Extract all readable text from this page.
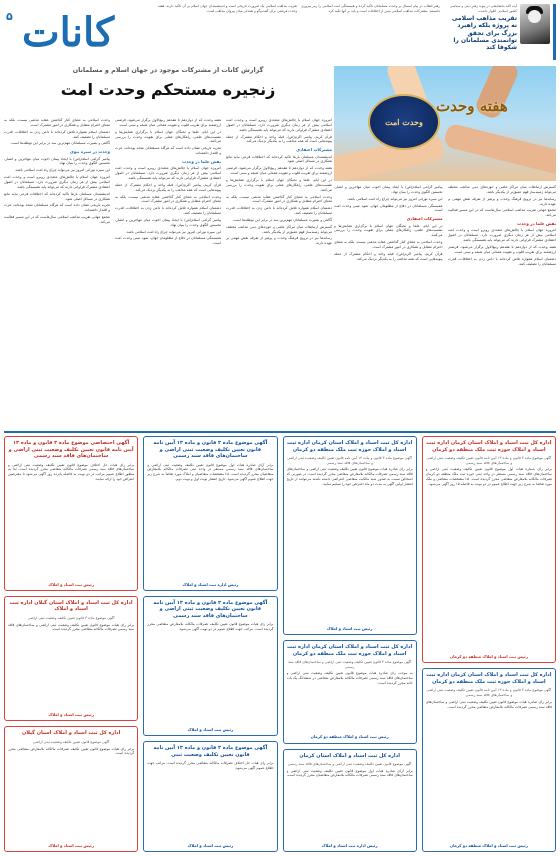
آیت الله بخشایشی در پیوند رهبرِ دینی و سیاسی کشور اسلامی اظهار داشت.
تقریب مذاهب اسلامی نه پروژه بلکه راهبرد بزرگ برای تحقق توانمندی مسلمانان را شکوفا کند
رهبر انقلاب در پیام امسال بر وحدت مسلمانان تاکید کرده و همبستگی امت اسلامی را رمز پیروزی دانستند. مشترکات مذاهب اسلامی بیش از اختلافات است و باید بر آنها تکیه کرد.
تقریب مذاهب اسلامی یک ضرورت تاریخی است و اندیشمندان جهان اسلام بر آن تاکید دارند. هفته وحدت فرصتی برای گفت‌وگو و همدلی میان پیروان مذاهب است.
کانات
۵
وحدت امت
هفته وحدت
گزارش کانات از مشترکات موجود در جهان اسلام و مسلمانان
زنجیره مستحکم وحدت امت

امروزه جهان اسلام با چالش‌های متعددی روبرو است و وحدت امت اسلامی بیش از هر زمان دیگری ضرورت دارد. مسلمانان در اصول اعتقادی مشترک فراوانی دارند که می‌تواند پایه همبستگی باشد.

قرآن کریم، پیامبر اکرم(ص)، قبله واحد و احکام مشترک از جمله پیوندهایی است که همه مذاهب را به یکدیگر نزدیک می‌کند.

مشترکات اعتقادی

اندیشمندان مسلمان بارها تاکید کرده‌اند که اختلافات فرعی نباید مانع همکاری در مسائل اصلی شود.

هفته وحدت که از دوازدهم تا هفدهم ربیع‌الاول برگزار می‌شود، فرصتی ارزشمند برای تقریب قلوب و تقویت همدلی میان شیعه و سنی است.

در این ایام، علما و نخبگان جهان اسلام با برگزاری همایش‌ها و نشست‌های علمی، راهکارهای عملی برای تقویت وحدت را بررسی می‌کنند.

وحدت اسلامی به معنای کنار گذاشتن عقاید مذهبی نیست، بلکه به معنای احترام متقابل و همکاری در امور مشترک است.

دشمنان اسلام همواره تلاش کرده‌اند با دامن زدن به اختلافات، قدرت مسلمانان را تضعیف کنند.

آگاهی و بصیرت مسلمانان مهم‌ترین سد در برابر این توطئه‌ها است.

گسترش ارتباطات میان مراکز علمی و حوزه‌های دینی مذاهب مختلف می‌تواند زمینه‌ساز فهم عمیق‌تر از یکدیگر باشد.

رسانه‌ها نیز در ترویج فرهنگ وحدت و پرهیز از تفرقه نقش مهمی بر عهده دارند.

هفته وحدت که از دوازدهم تا هفدهم ربیع‌الاول برگزار می‌شود، فرصتی ارزشمند برای تقریب قلوب و تقویت همدلی میان شیعه و سنی است.

در این ایام، علما و نخبگان جهان اسلام با برگزاری همایش‌ها و نشست‌های علمی، راهکارهای عملی برای تقویت وحدت را بررسی می‌کنند.

تجربه تاریخی نشان داده است که هرگاه مسلمانان متحد بوده‌اند، عزت و اقتدار داشته‌اند.

نقش علما در وحدت

امروزه جهان اسلام با چالش‌های متعددی روبرو است و وحدت امت اسلامی بیش از هر زمان دیگری ضرورت دارد. مسلمانان در اصول اعتقادی مشترک فراوانی دارند که می‌تواند پایه همبستگی باشد.

قرآن کریم، پیامبر اکرم(ص)، قبله واحد و احکام مشترک از جمله پیوندهایی است که همه مذاهب را به یکدیگر نزدیک می‌کند.

وحدت اسلامی به معنای کنار گذاشتن عقاید مذهبی نیست، بلکه به معنای احترام متقابل و همکاری در امور مشترک است.

دشمنان اسلام همواره تلاش کرده‌اند با دامن زدن به اختلافات، قدرت مسلمانان را تضعیف کنند.

پیامبر گرامی اسلام(ص) با ایجاد پیمان اخوت میان مهاجرین و انصار، نخستین الگوی وحدت را بنیان نهاد.

این سیره نورانی امروز نیز می‌تواند چراغ راه امت اسلامی باشد.

همبستگی مسلمانان در دفاع از مظلومان جهان، نمود عینی وحدت امت است.

وحدت اسلامی به معنای کنار گذاشتن عقاید مذهبی نیست، بلکه به معنای احترام متقابل و همکاری در امور مشترک است.

دشمنان اسلام همواره تلاش کرده‌اند با دامن زدن به اختلافات، قدرت مسلمانان را تضعیف کنند.

آگاهی و بصیرت مسلمانان مهم‌ترین سد در برابر این توطئه‌ها است.

وحدت در سیره نبوی

پیامبر گرامی اسلام(ص) با ایجاد پیمان اخوت میان مهاجرین و انصار، نخستین الگوی وحدت را بنیان نهاد.

این سیره نورانی امروز نیز می‌تواند چراغ راه امت اسلامی باشد.

امروزه جهان اسلام با چالش‌های متعددی روبرو است و وحدت امت اسلامی بیش از هر زمان دیگری ضرورت دارد. مسلمانان در اصول اعتقادی مشترک فراوانی دارند که می‌تواند پایه همبستگی باشد.

اندیشمندان مسلمان بارها تاکید کرده‌اند که اختلافات فرعی نباید مانع همکاری در مسائل اصلی شود.

تجربه تاریخی نشان داده است که هرگاه مسلمانان متحد بوده‌اند، عزت و اقتدار داشته‌اند.

مجمع جهانی تقریب مذاهب اسلامی سال‌هاست که در این مسیر فعالیت می‌کند.

گسترش ارتباطات میان مراکز علمی و حوزه‌های دینی مذاهب مختلف می‌تواند زمینه‌ساز فهم عمیق‌تر از یکدیگر باشد.

رسانه‌ها نیز در ترویج فرهنگ وحدت و پرهیز از تفرقه نقش مهمی بر عهده دارند.

مجمع جهانی تقریب مذاهب اسلامی سال‌هاست که در این مسیر فعالیت می‌کند.

نقش علما در وحدت

امروزه جهان اسلام با چالش‌های متعددی روبرو است و وحدت امت اسلامی بیش از هر زمان دیگری ضرورت دارد. مسلمانان در اصول اعتقادی مشترک فراوانی دارند که می‌تواند پایه همبستگی باشد.

هفته وحدت که از دوازدهم تا هفدهم ربیع‌الاول برگزار می‌شود، فرصتی ارزشمند برای تقریب قلوب و تقویت همدلی میان شیعه و سنی است.

دشمنان اسلام همواره تلاش کرده‌اند با دامن زدن به اختلافات، قدرت مسلمانان را تضعیف کنند.

پیامبر گرامی اسلام(ص) با ایجاد پیمان اخوت میان مهاجرین و انصار، نخستین الگوی وحدت را بنیان نهاد.

این سیره نورانی امروز نیز می‌تواند چراغ راه امت اسلامی باشد.

همبستگی مسلمانان در دفاع از مظلومان جهان، نمود عینی وحدت امت است.

مشترکات اعتقادی

در این ایام، علما و نخبگان جهان اسلام با برگزاری همایش‌ها و نشست‌های علمی، راهکارهای عملی برای تقویت وحدت را بررسی می‌کنند.

وحدت اسلامی به معنای کنار گذاشتن عقاید مذهبی نیست، بلکه به معنای احترام متقابل و همکاری در امور مشترک است.

قرآن کریم، پیامبر اکرم(ص)، قبله واحد و احکام مشترک از جمله پیوندهایی است که همه مذاهب را به یکدیگر نزدیک می‌کند.

اداره کل ثبت اسناد و املاک استان کرمان اداره ثبت اسناد و املاک حوزه ثبت ملک منطقه دو کرمان
آگهی موضوع ماده ۳ قانون و ماده ۱۳ آیین نامه قانون تعیین تکلیف وضعیت ثبتی اراضی و ساختمان‌های فاقد سند رسمی
برابر رای شماره هیات اول موضوع قانون تعیین تکلیف وضعیت ثبتی اراضی و ساختمان‌های فاقد سند رسمی مستقر در واحد ثبتی حوزه ثبت ملک منطقه دو کرمان تصرفات مالکانه بلامعارض متقاضی محرز گردیده است. لذا مشخصات متقاضی و ملک مورد تقاضا به شرح زیر جهت اطلاع عموم در دو نوبت به فاصله ۱۵ روز آگهی می‌شود.
رئیس ثبت اسناد و املاک منطقه دو کرمان
اداره کل ثبت اسناد و املاک استان کرمان اداره ثبت اسناد و املاک حوزه ثبت ملک منطقه دو کرمان
آگهی موضوع ماده ۳ قانون و ماده ۱۳ آیین نامه قانون تعیین تکلیف وضعیت ثبتی اراضی و ساختمان‌های فاقد سند رسمی
برابر رای صادره هیات موضوع قانون تعیین تکلیف وضعیت ثبتی اراضی و ساختمان‌های فاقد سند رسمی تصرفات مالکانه بلامعارض متقاضی محرز گردیده است.
رئیس ثبت اسناد و املاک منطقه دو کرمان
اداره کل ثبت اسناد و املاک استان کرمان اداره ثبت اسناد و املاک حوزه ثبت ملک منطقه دو کرمان
آگهی موضوع ماده ۳ قانون و ماده ۱۳ آیین نامه قانون تعیین تکلیف وضعیت ثبتی اراضی و ساختمان‌های فاقد سند رسمی
برابر رای صادره هیات موضوع قانون تعیین تکلیف وضعیت ثبتی اراضی و ساختمان‌های فاقد سند رسمی تصرفات مالکانه بلامعارض متقاضی محرز گردیده است. در صورتی که اشخاص نسبت به صدور سند مالکیت متقاضی اعتراضی داشته باشند می‌توانند از تاریخ انتشار اولین آگهی به مدت دو ماه اعتراض خود را تسلیم نمایند.
رئیس ثبت اسناد و املاک
اداره کل ثبت اسناد و املاک استان کرمان اداره ثبت اسناد و املاک حوزه ثبت ملک منطقه دو کرمان
آگهی موضوع ماده ۳ قانون تعیین تکلیف وضعیت ثبتی اراضی و ساختمان‌های فاقد سند رسمی
به موجب رای صادره هیات موضوع قانون تعیین تکلیف وضعیت ثبتی اراضی و ساختمان‌های فاقد سند رسمی تصرفات مالکانه بلامعارض متقاضی در ششدانگ یک باب خانه محرز گردیده است.
رئیس ثبت اسناد و املاک منطقه دو کرمان
اداره کل ثبت اسناد و املاک استان کرمان
آگهی موضوع قانون تعیین تکلیف وضعیت ثبتی اراضی و ساختمان‌های فاقد سند رسمی
برابر آرای صادره هیات اول موضوع قانون تعیین تکلیف وضعیت ثبتی اراضی و ساختمان‌های فاقد سند رسمی تصرفات مالکانه بلامعارض متقاضیان محرز گردیده است.
رئیس اداره ثبت اسناد و املاک
آگهی موضوع ماده ۳ قانون و ماده ۱۳ آیین نامه قانون تعیین تکلیف وضعیت ثبتی اراضی و ساختمان‌های فاقد سند رسمی
برابر آرای صادره هیات اول موضوع قانون تعیین تکلیف وضعیت ثبتی اراضی و ساختمان‌های فاقد سند رسمی مستقر در واحد ثبتی تصرفات مالکانه بلامعارض متقاضیان محرز گردیده است. لذا مشخصات متقاضیان و املاک مورد تقاضا به شرح زیر جهت اطلاع عموم آگهی می‌شود. تاریخ انتشار نوبت اول و نوبت دوم.
رئیس اداره ثبت اسناد و املاک
آگهی موضوع ماده ۳ قانون و ماده ۱۳ آیین نامه قانون تعیین تکلیف وضعیت ثبتی اراضی و ساختمان‌های فاقد سند رسمی
برابر رای هیات موضوع قانون تعیین تکلیف تصرفات مالکانه بلامعارض متقاضی محرز گردیده است. مراتب جهت اطلاع عموم در دو نوبت آگهی می‌شود.
رئیس ثبت اسناد و املاک
آگهی موضوع ماده ۳ قانون و ماده ۱۳ آیین نامه قانون تعیین تکلیف وضعیت ثبتی
برابر رای هیات حل اختلاف تصرفات مالکانه متقاضی محرز گردیده است. مراتب جهت اطلاع عموم آگهی می‌شود.
رئیس ثبت اسناد و املاک
آگهی اختصاصی موضوع ماده ۳ قانون و ماده ۱۳ آیین نامه قانون تعیین تکلیف وضعیت ثبتی اراضی و ساختمان‌های فاقد سند رسمی
برابر رای هیات حل اختلاف موضوع قانون تعیین تکلیف وضعیت ثبتی اراضی و ساختمان‌های فاقد سند رسمی تصرفات مالکانه متقاضی محرز گردیده است. لذا به منظور اطلاع عموم مراتب در دو نوبت به فاصله پانزده روز آگهی می‌شود تا معترضین اعتراض خود را ارائه نمایند.
رئیس ثبت اسناد و املاک
اداره کل ثبت اسناد و املاک استان گیلان اداره ثبت اسناد و املاک
آگهی موضوع ماده ۳ قانون تعیین تکلیف وضعیت ثبتی اراضی
برابر رای هیات موضوع قانون تعیین تکلیف وضعیت ثبتی اراضی و ساختمان‌های فاقد سند رسمی تصرفات مالکانه متقاضی محرز گردیده است.
رئیس ثبت اسناد و املاک
اداره کل ثبت اسناد و املاک استان گیلان
آگهی موضوع قانون تعیین تکلیف وضعیت ثبتی اراضی
برابر رای هیات موضوع قانون تعیین تکلیف تصرفات مالکانه بلامعارض متقاضی محرز گردیده است.
رئیس ثبت اسناد و املاک
